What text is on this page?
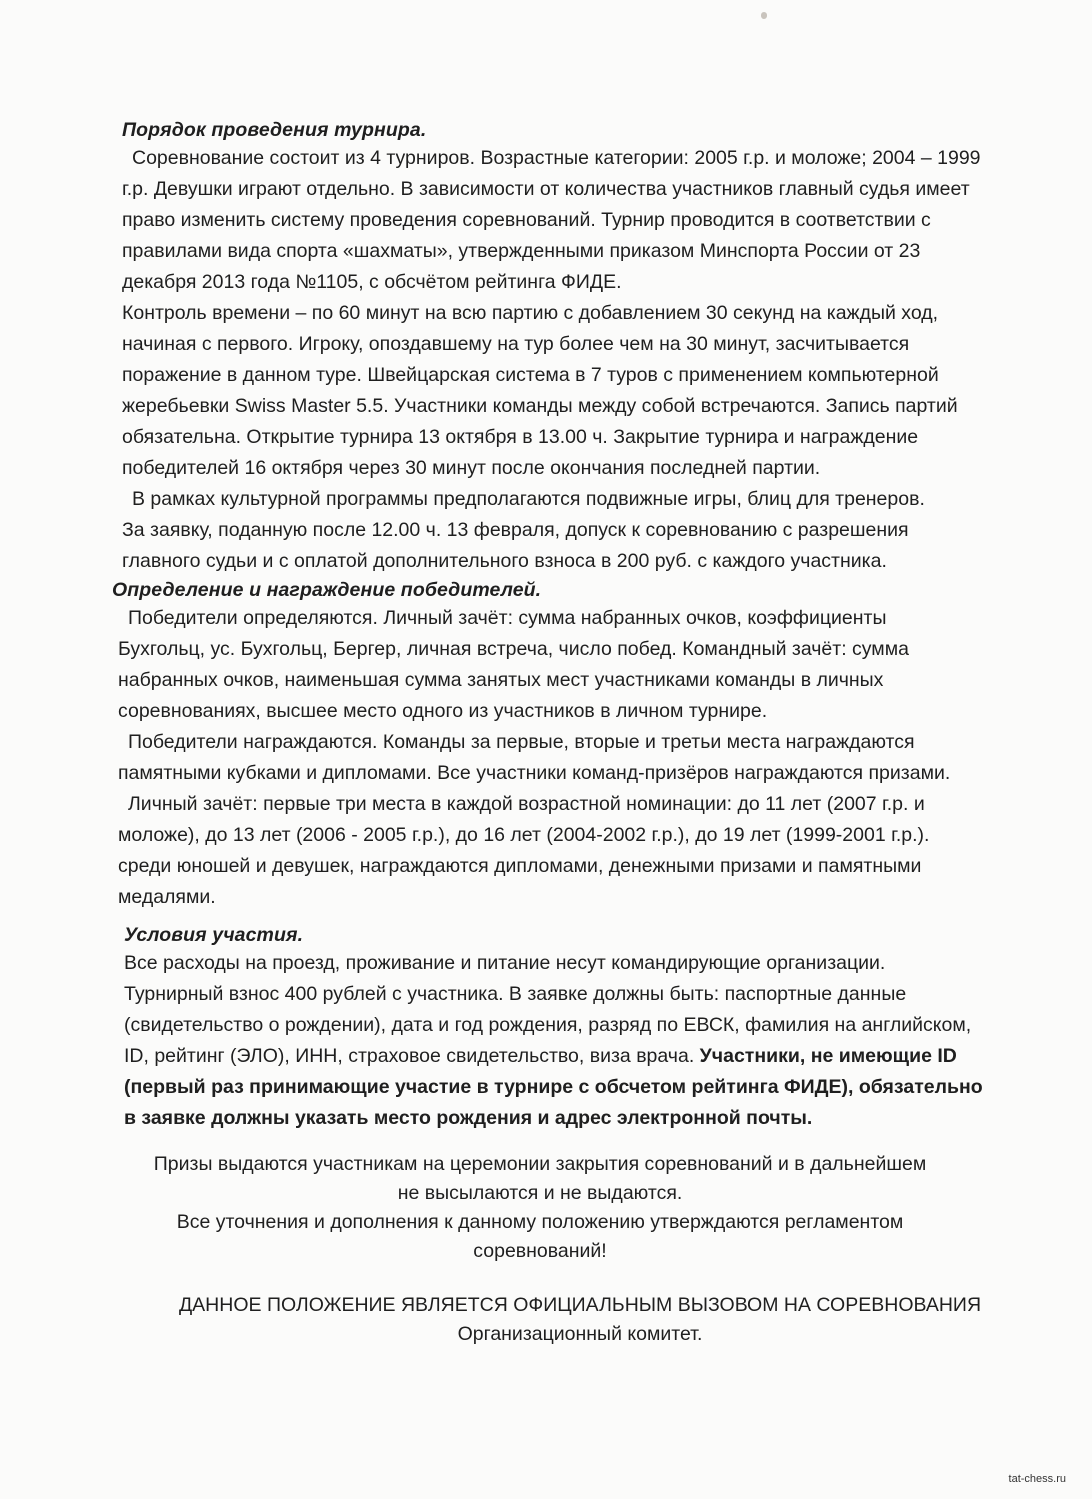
Порядок проведения турнира.
Соревнование состоит из 4 турниров. Возрастные категории: 2005 г.р. и моложе; 2004 – 1999
г.р. Девушки играют отдельно. В зависимости от количества участников главный судья имеет
право изменить систему проведения соревнований. Турнир проводится в соответствии с
правилами вида спорта «шахматы», утвержденными приказом Минспорта России от 23
декабря 2013 года №1105, с обсчётом рейтинга ФИДЕ.
Контроль времени – по 60 минут на всю партию с добавлением 30 секунд на каждый ход,
начиная с первого. Игроку, опоздавшему на тур более чем на 30 минут, засчитывается
поражение в данном туре. Швейцарская система в 7 туров с применением компьютерной
жеребьевки Swiss Master 5.5. Участники команды между собой встречаются. Запись партий
обязательна. Открытие турнира 13 октября в 13.00 ч. Закрытие турнира и награждение
победителей 16 октября через 30 минут после окончания последней партии.
В рамках культурной программы предполагаются подвижные игры, блиц для тренеров.
За заявку, поданную после 12.00 ч. 13 февраля, допуск к соревнованию с разрешения
главного судьи и с оплатой дополнительного взноса в 200 руб. с каждого участника.
Определение и награждение победителей.
Победители определяются. Личный зачёт: сумма набранных очков, коэффициенты
Бухгольц, ус. Бухгольц, Бергер, личная встреча, число побед. Командный зачёт: сумма
набранных очков, наименьшая сумма занятых мест участниками команды в личных
соревнованиях, высшее место одного из участников в личном турнире.
Победители награждаются. Команды за первые, вторые и третьи места награждаются
памятными кубками и дипломами. Все участники команд-призёров награждаются призами.
Личный зачёт: первые три места в каждой возрастной номинации: до 11 лет (2007 г.р. и
моложе), до 13 лет (2006 - 2005 г.р.), до 16 лет (2004-2002 г.р.), до 19 лет (1999-2001 г.р.).
среди юношей и девушек, награждаются дипломами, денежными призами и памятными
медалями.
Условия участия.
Все расходы на проезд, проживание и питание несут командирующие организации.
Турнирный взнос 400 рублей с участника. В заявке должны быть: паспортные данные
(свидетельство о рождении), дата и год рождения, разряд по ЕВСК, фамилия на английском,
ID, рейтинг (ЭЛО), ИНН, страховое свидетельство, виза врача. Участники, не имеющие ID
(первый раз принимающие участие в турнире с обсчетом рейтинга ФИДЕ), обязательно
в заявке должны указать место рождения и адрес электронной почты.
Призы выдаются участникам на церемонии закрытия соревнований и в дальнейшем
не высылаются и не выдаются.
Все уточнения и дополнения к данному положению утверждаются регламентом
соревнований!
ДАННОЕ ПОЛОЖЕНИЕ ЯВЛЯЕТСЯ ОФИЦИАЛЬНЫМ ВЫЗОВОМ НА СОРЕВНОВАНИЯ
Организационный комитет.
tat-chess.ru
